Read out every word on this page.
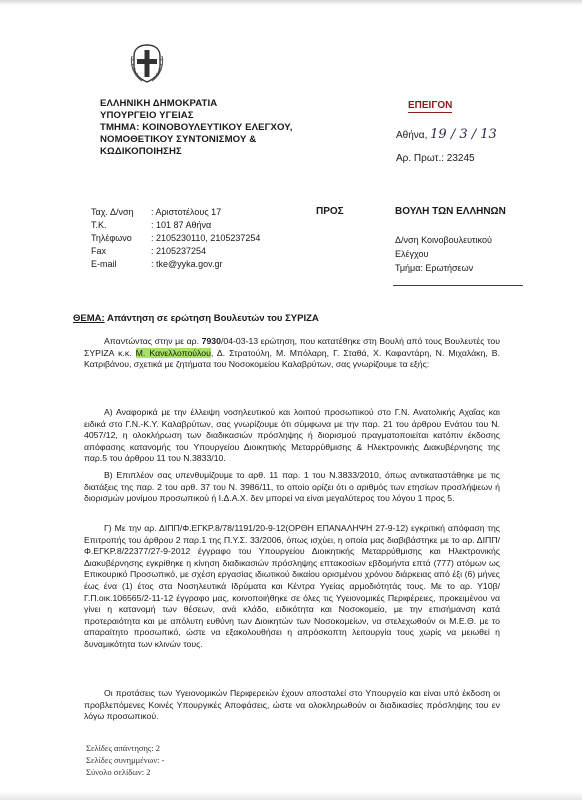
ΕΛΛΗΝΙΚΗ ΔΗΜΟΚΡΑΤΙΑ
ΥΠΟΥΡΓΕΙΟ ΥΓΕΙΑΣ
ΤΜΗΜΑ: ΚΟΙΝΟΒΟΥΛΕΥΤΙΚΟΥ ΕΛΕΓΧΟΥ,
ΝΟΜΟΘΕΤΙΚΟΥ ΣΥΝΤΟΝΙΣΜΟΥ &
ΚΩΔΙΚΟΠΟΙΗΣΗΣ
ΕΠΕΙΓΟΝ
Αθήνα, 19 / 3 / 13
Αρ. Πρωτ.: 23245
Ταχ. Δ/νση : Αριστοτέλους 17
Τ.Κ.	: 101 87 Αθήνα
Τηλέφωνο : 2105230110, 2105237254
Fax	: 2105237254
E-mail	: tke@yyka.gov.gr
ΠΡΟΣ	ΒΟΥΛΗ ΤΩΝ ΕΛΛΗΝΩΝ
Δ/νση Κοινοβουλευτικού
Ελέγχου
Τμήμα: Ερωτήσεων
ΘΕΜΑ: Απάντηση σε ερώτηση Βουλευτών του ΣΥΡΙΖΑ

Απαντώντας στην με αρ. 7930/04-03-13 ερώτηση, που κατατέθηκε στη Βουλή από τους Βουλευτές του ΣΥΡΙΖΑ κ.κ. Μ. Κανελλοπούλου, Δ. Στρατούλη, Μ. Μπόλαρη, Γ. Σταθά, Χ. Καφαντάρη, Ν. Μιχαλάκη, Β. Κατριβάνου, σχετικά με ζητήματα του Νοσοκομείου Καλαβρύτων, σας γνωρίζουμε τα εξής:

Α) Αναφορικά με την έλλειψη νοσηλευτικού και λοιπού προσωπικού στο Γ.Ν. Ανατολικής Αχαΐας και ειδικά στο Γ.Ν.-Κ.Υ. Καλαβρύτων, σας γνωρίζουμε ότι σύμφωνα με την παρ. 21 του άρθρου Ενάτου του Ν. 4057/12, η ολοκλήρωση των διαδικασιών πρόσληψης ή διορισμού πραγματοποιείται κατόπιν έκδοσης απόφασης κατανομής του Υπουργείου Διοικητικής Μεταρρύθμισης & Ηλεκτρονικής Διακυβέρνησης της παρ.5 του άρθρου 11 του Ν.3833/10.

Β) Επιπλέον σας υπενθυμίζουμε το αρθ. 11 παρ. 1 του Ν.3833/2010, όπως αντικαταστάθηκε με τις διατάξεις της παρ. 2 του αρθ. 37 του Ν. 3986/11, το οποίο ορίζει ότι ο αριθμός των ετησίων προσλήψεων ή διορισμών μονίμου προσωπικού ή Ι.Δ.Α.Χ. δεν μπορεί να είναι μεγαλύτερος του λόγου 1 προς 5.

Γ) Με την αρ. ΔΙΠΠ/Φ.ΕΓΚΡ.8/78/1191/20-9-12(ΟΡΘΗ ΕΠΑΝΑΛΗΨΗ 27-9-12) εγκριτική απόφαση της Επιτροπής του άρθρου 2 παρ.1 της Π.Υ.Σ. 33/2006, όπως ισχύει, η οποία μας διαβιβάστηκε με το αρ. ΔΙΠΠ/Φ.ΕΓΚΡ.8/22377/27-9-2012 έγγραφο του Υπουργείου Διοικητικής Μεταρρύθμισης και Ηλεκτρονικής Διακυβέρνησης εγκρίθηκε η κίνηση διαδικασιών πρόσληψης επτακοσίων εβδομήντα επτά (777) ατόμων ως Επικουρικό Προσωπικό, με σχέση εργασίας ιδιωτικού δικαίου ορισμένου χρόνου διάρκειας από έξι (6) μήνες έως ένα (1) έτος στα Νοσηλευτικά Ιδρύματα και Κέντρα Υγείας αρμοδιότητάς τους. Με το αρ. Υ10β/Γ.Π.οικ.106565/2-11-12 έγγραφο μας, κοινοποιήθηκε σε όλες τις Υγειονομικές Περιφέρειες, προκειμένου να γίνει η κατανομή των θέσεων, ανά κλάδο, ειδικότητα και Νοσοκομείο, με την επισήμανση κατά προτεραιότητα και με απόλυτη ευθύνη των Διοικητών των Νοσοκομείων, να στελεχωθούν οι Μ.Ε.Θ. με το απαραίτητο προσωπικό, ώστε να εξακολουθήσει η απρόσκοπτη λειτουργία τους χωρίς να μειωθεί η δυναμικότητα των κλινών τους.

Οι προτάσεις των Υγειονομικών Περιφερειών έχουν αποσταλεί στο Υπουργείο και είναι υπό έκδοση οι προβλεπόμενες Κοινές Υπουργικές Αποφάσεις, ώστε να ολοκληρωθούν οι διαδικασίες πρόσληψης του εν λόγω προσωπικού.

Σελίδες απάντησης: 2
Σελίδες συνημμένων: -
Σύνολο σελίδων: 2
